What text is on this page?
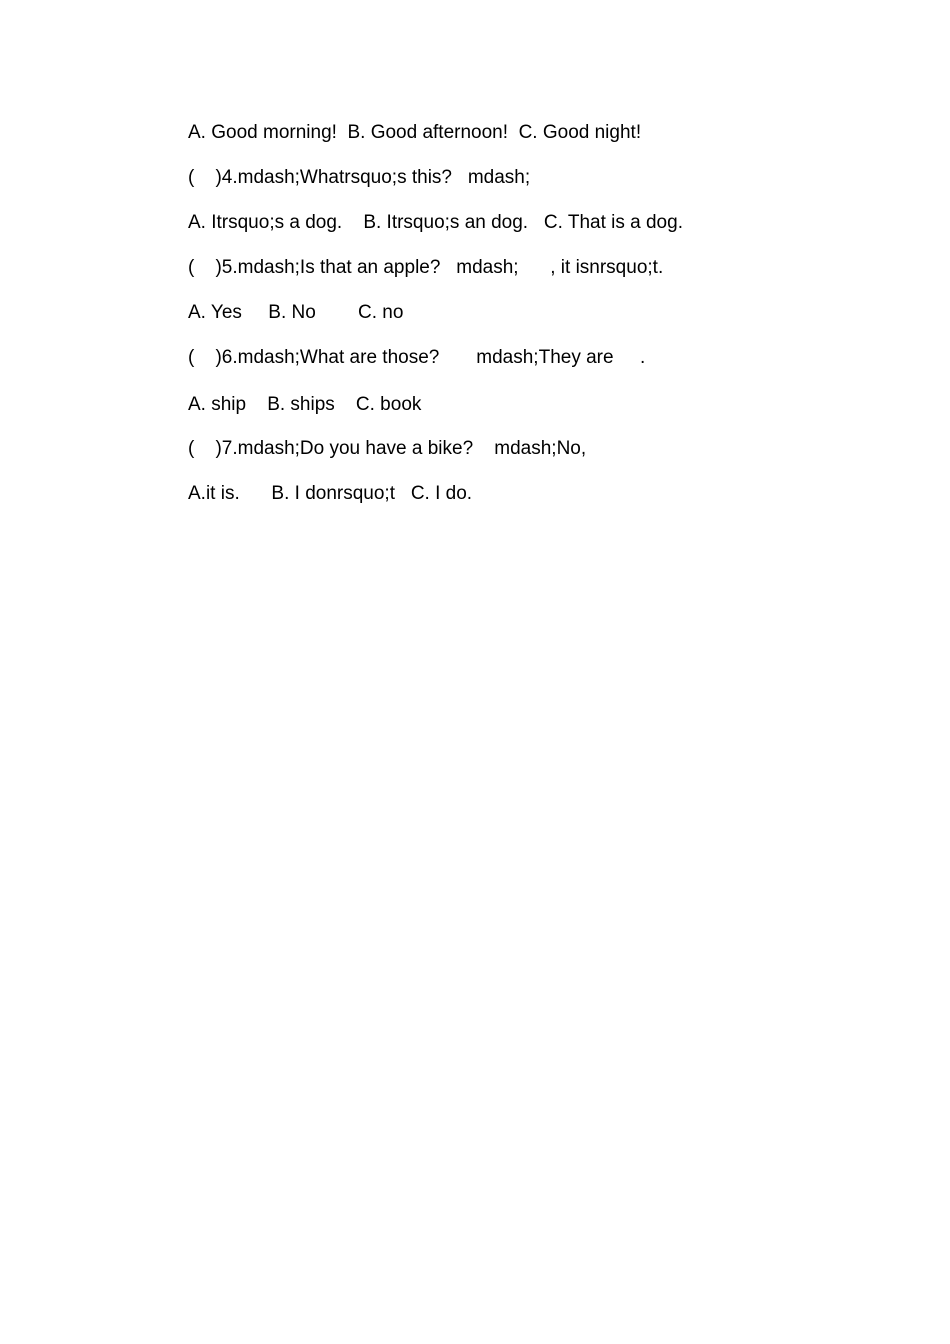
A. Good morning!  B. Good afternoon!  C. Good night!
(    )4.mdash;Whatrsquo;s this?   mdash;
A. Itrsquo;s a dog.    B. Itrsquo;s an dog.   C. That is a dog.
(    )5.mdash;Is that an apple?   mdash;      , it isnrsquo;t.
A. Yes     B. No        C. no
(    )6.mdash;What are those?       mdash;They are     .
A. ship    B. ships    C. book
(    )7.mdash;Do you have a bike?    mdash;No,
A.it is.      B. I donrsquo;t   C. I do.
